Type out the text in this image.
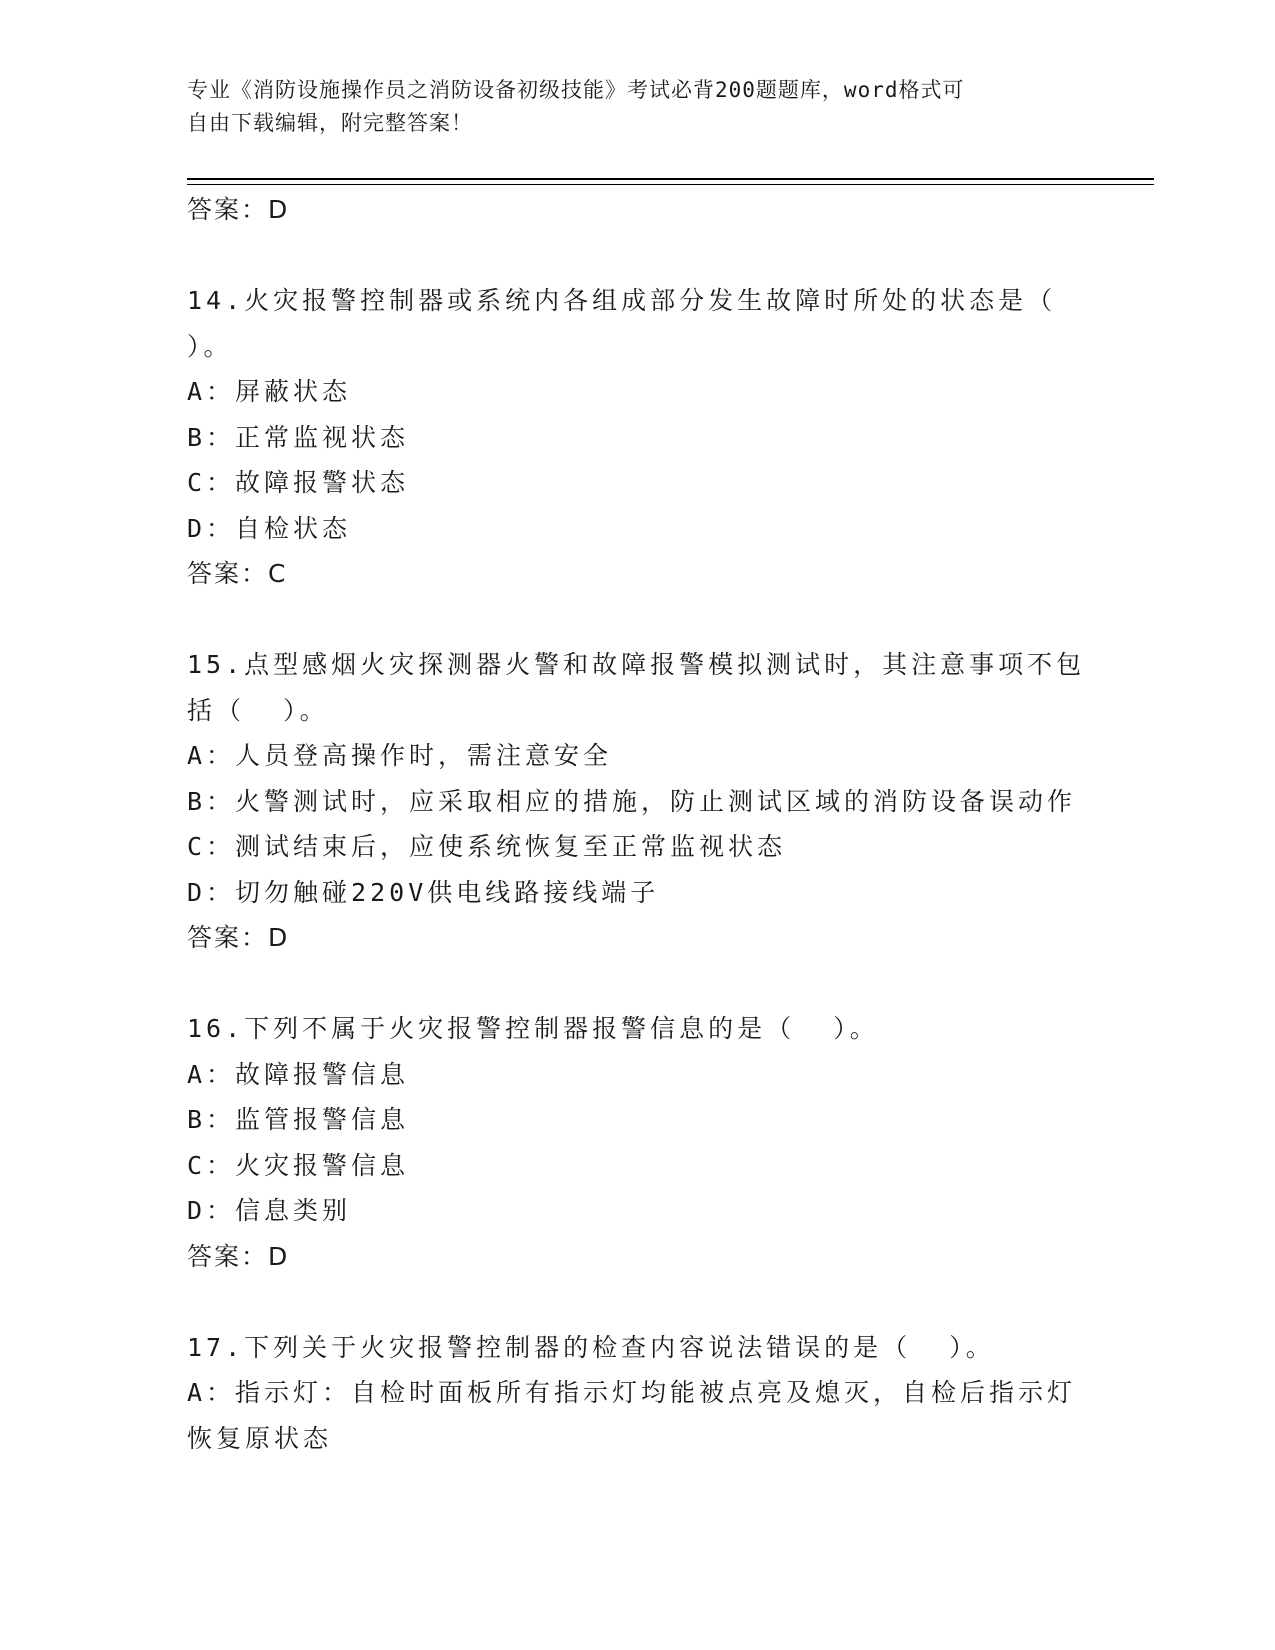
专业《消防设施操作员之消防设备初级技能》考试必背200题题库，word格式可
自由下载编辑，附完整答案！
答案：D
14.火灾报警控制器或系统内各组成部分发生故障时所处的状态是（
）。
A：屏蔽状态
B：正常监视状态
C：故障报警状态
D：自检状态
答案：C
15.点型感烟火灾探测器火警和故障报警模拟测试时，其注意事项不包
括（  ）。
A：人员登高操作时，需注意安全
B：火警测试时，应采取相应的措施，防止测试区域的消防设备误动作
C：测试结束后，应使系统恢复至正常监视状态
D：切勿触碰220V供电线路接线端子
答案：D
16.下列不属于火灾报警控制器报警信息的是（  ）。
A：故障报警信息
B：监管报警信息
C：火灾报警信息
D：信息类别
答案：D
17.下列关于火灾报警控制器的检查内容说法错误的是（  ）。
A：指示灯：自检时面板所有指示灯均能被点亮及熄灭，自检后指示灯
恢复原状态
